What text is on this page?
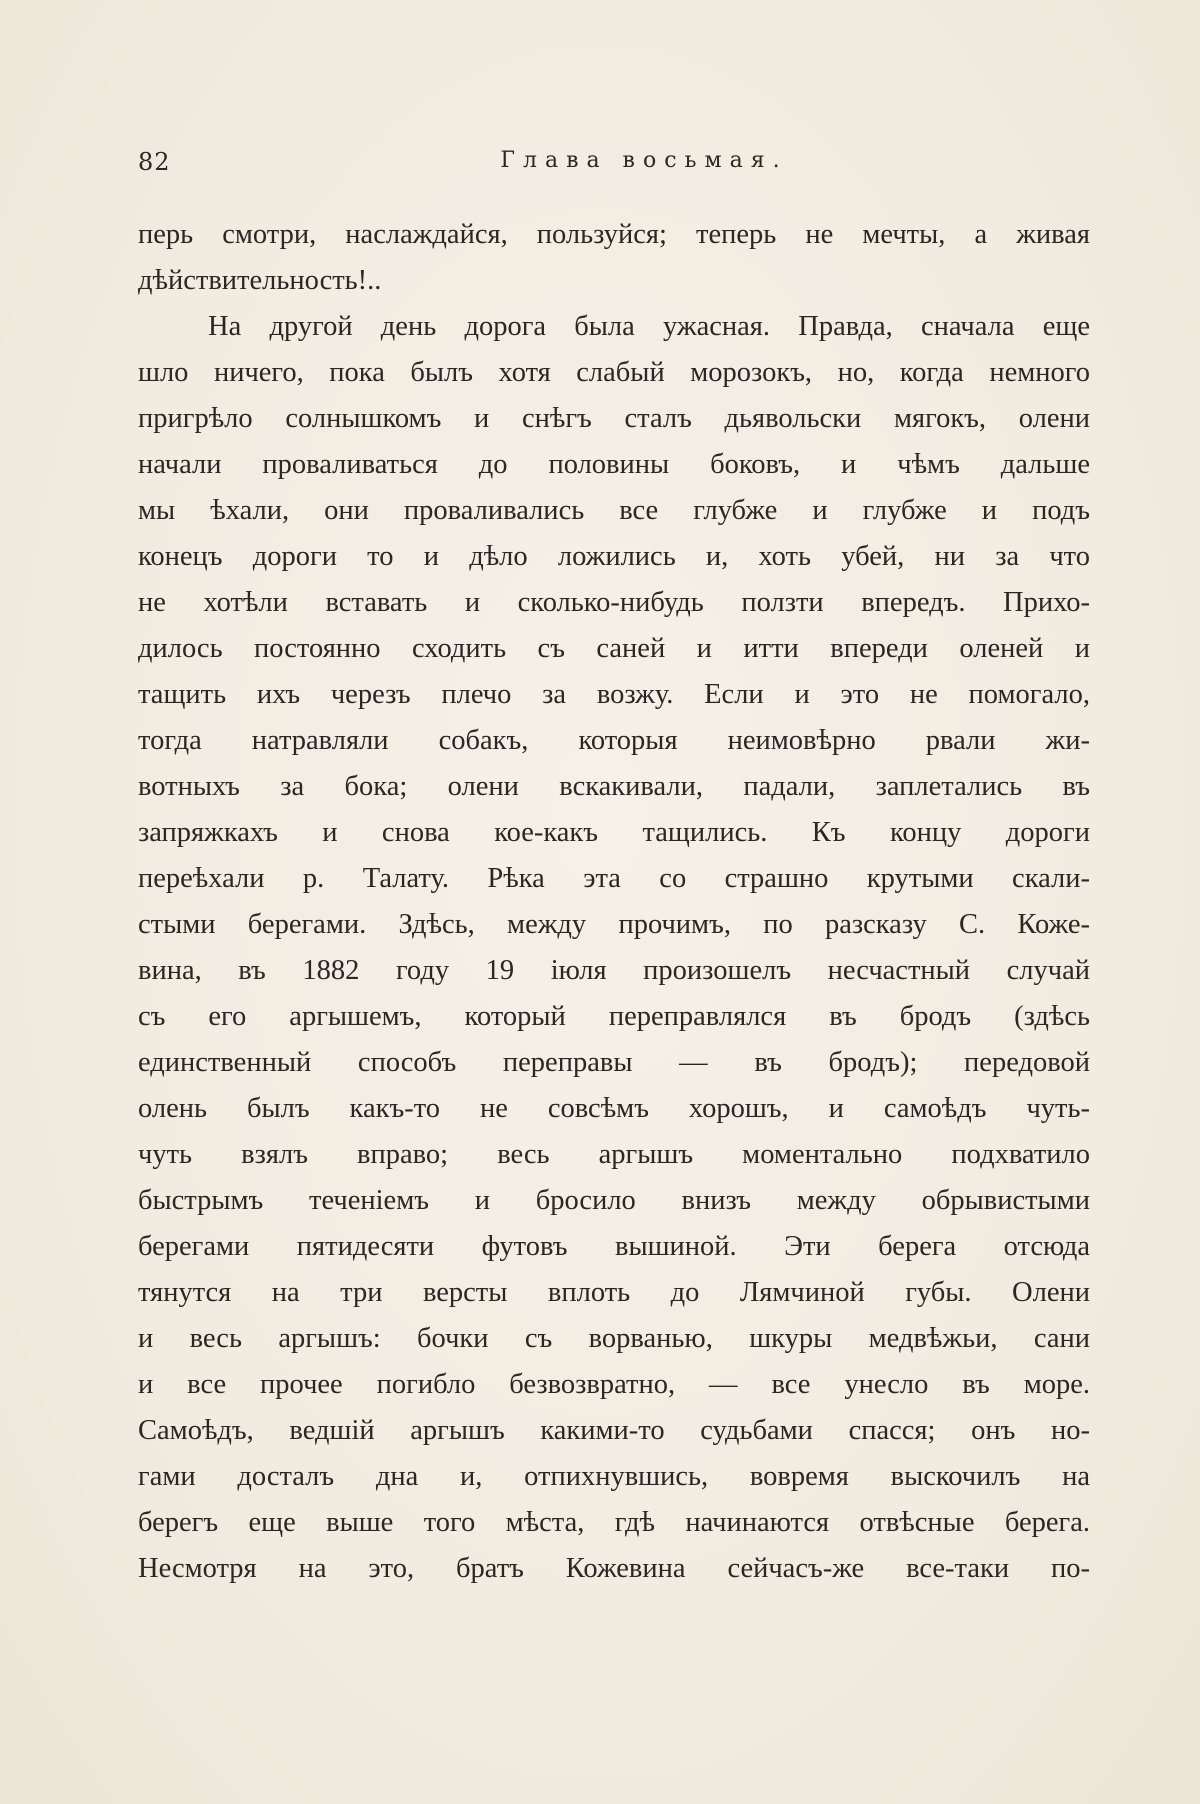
82	Глава восьмая.
перь смотри, наслаждайся, пользуйся; теперь не мечты, а живая
дѣйствительность!..
На другой день дорога была ужасная. Правда, сначала еще
шло ничего, пока былъ хотя слабый морозокъ, но, когда немного
пригрѣло солнышкомъ и снѣгъ сталъ дьявольски мягокъ, олени
начали проваливаться до половины боковъ, и чѣмъ дальше
мы ѣхали, они проваливались все глубже и глубже и подъ
конецъ дороги то и дѣло ложились и, хоть убей, ни за что
не хотѣли вставать и сколько-нибудь ползти впередъ. Прихо-
дилось постоянно сходить съ саней и итти впереди оленей и
тащить ихъ черезъ плечо за возжу. Если и это не помогало,
тогда натравляли собакъ, которыя неимовѣрно рвали жи-
вотныхъ за бока; олени вскакивали, падали, заплетались въ
запряжкахъ и снова кое-какъ тащились. Къ концу дороги
переѣхали р. Талату. Рѣка эта со страшно крутыми скали-
стыми берегами. Здѣсь, между прочимъ, по разсказу С. Коже-
вина, въ 1882 году 19 іюля произошелъ несчастный случай
съ его аргышемъ, который переправлялся въ бродъ (здѣсь
единственный способъ переправы — въ бродъ); передовой
олень былъ какъ-то не совсѣмъ хорошъ, и самоѣдъ чуть-
чуть взялъ вправо; весь аргышъ моментально подхватило
быстрымъ теченіемъ и бросило внизъ между обрывистыми
берегами пятидесяти футовъ вышиной. Эти берега отсюда
тянутся на три версты вплоть до Лямчиной губы. Олени
и весь аргышъ: бочки съ ворванью, шкуры медвѣжьи, сани
и все прочее погибло безвозвратно, — все унесло въ море.
Самоѣдъ, ведшій аргышъ какими-то судьбами спасся; онъ но-
гами досталъ дна и, отпихнувшись, вовремя выскочилъ на
берегъ еще выше того мѣста, гдѣ начинаются отвѣсные берега.
Несмотря на это, братъ Кожевина сейчасъ-же все-таки по-
